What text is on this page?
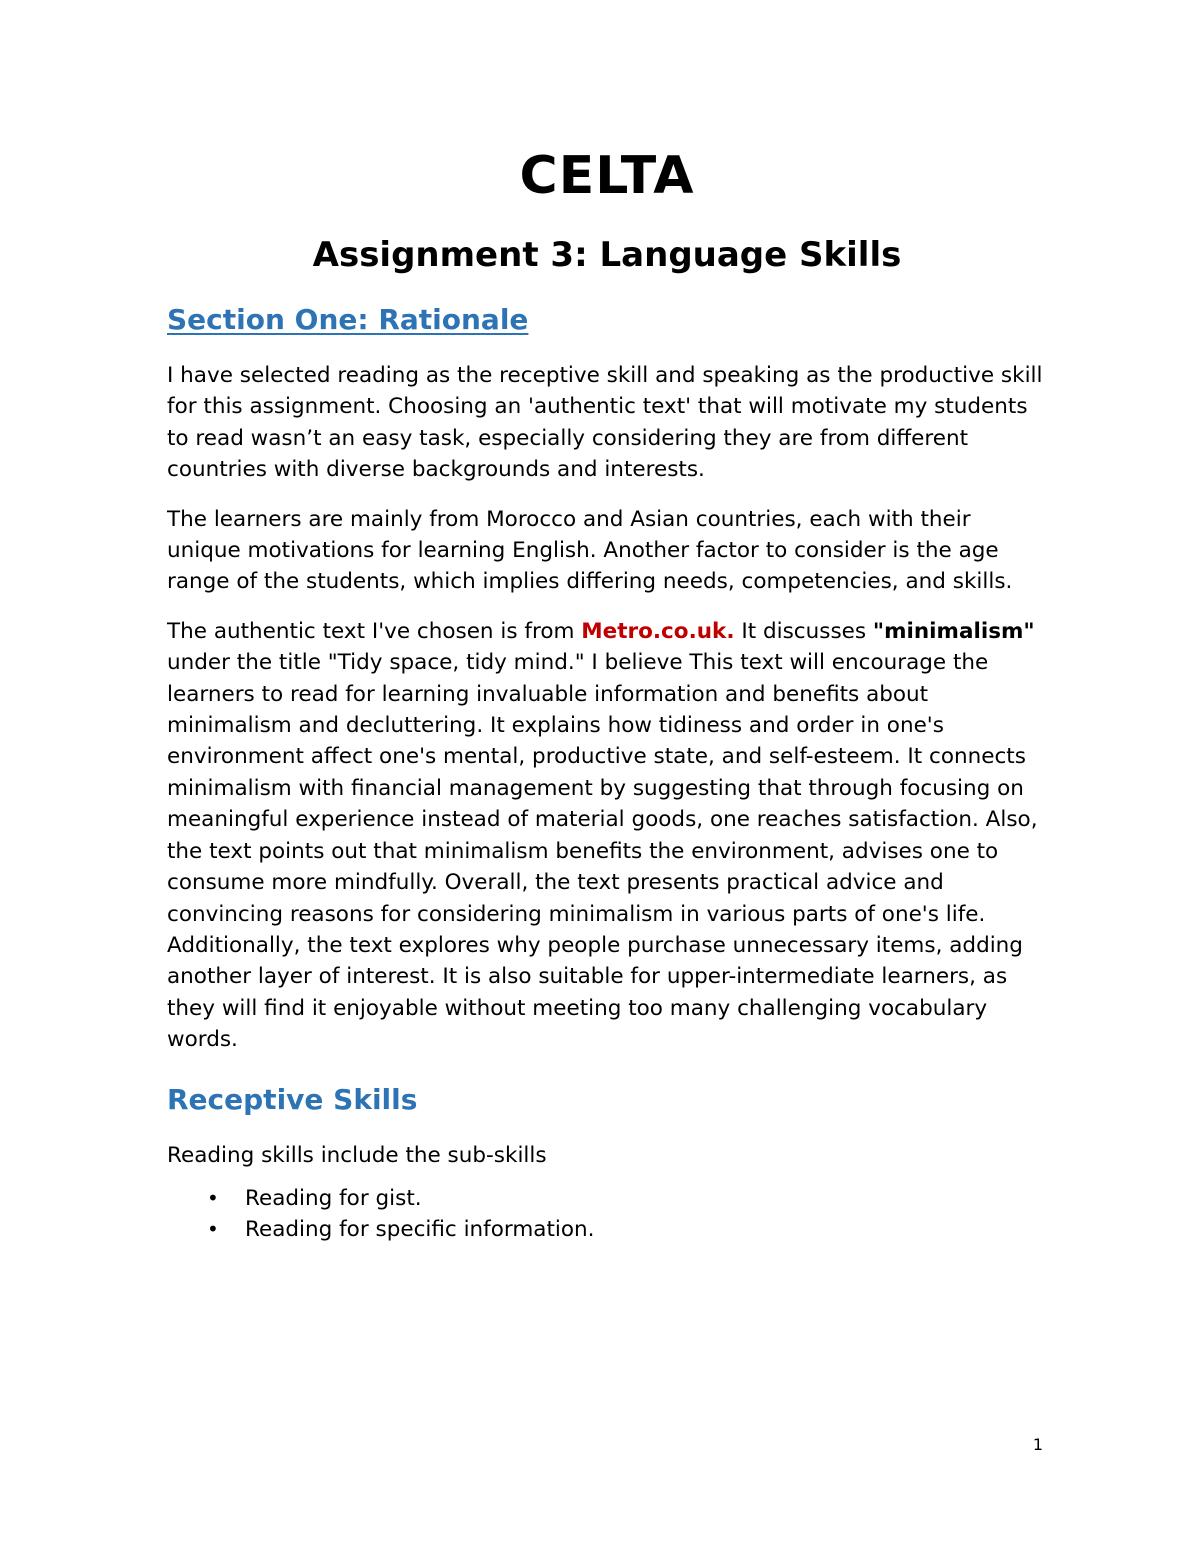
CELTA
Assignment 3: Language Skills
Section One: Rationale

I have selected reading as the receptive skill and speaking as the productive skill for this assignment. Choosing an 'authentic text' that will motivate my students to read wasn’t an easy task, especially considering they are from different countries with diverse backgrounds and interests.

The learners are mainly from Morocco and Asian countries, each with their unique motivations for learning English. Another factor to consider is the age range of the students, which implies differing needs, competencies, and skills.

The authentic text I've chosen is from Metro.co.uk. It discusses "minimalism" under the title "Tidy space, tidy mind." I believe This text will encourage the learners to read for learning invaluable information and benefits about minimalism and decluttering. It explains how tidiness and order in one's environment affect one's mental, productive state, and self-esteem. It connects minimalism with financial management by suggesting that through focusing on meaningful experience instead of material goods, one reaches satisfaction. Also, the text points out that minimalism benefits the environment, advises one to consume more mindfully. Overall, the text presents practical advice and convincing reasons for considering minimalism in various parts of one's life. Additionally, the text explores why people purchase unnecessary items, adding another layer of interest. It is also suitable for upper-intermediate learners, as they will find it enjoyable without meeting too many challenging vocabulary words.

Receptive Skills

Reading skills include the sub-skills

• Reading for gist.
• Reading for specific information.
1
